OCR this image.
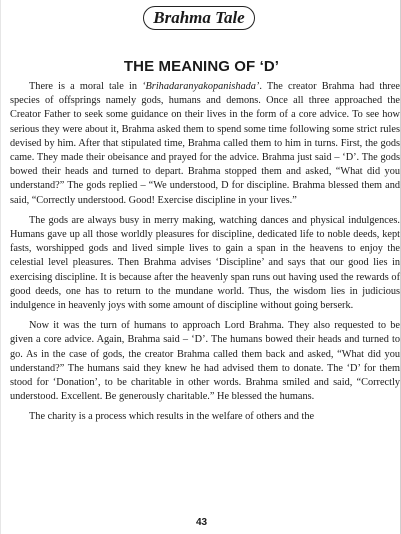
Brahma Tale
THE MEANING OF ‘D’

There is a moral tale in ‘Brihadaranyakopanishada’. The creator Brahma had three species of offsprings namely gods, humans and demons. Once all three approached the Creator Father to seek some guidance on their lives in the form of a core advice. To see how serious they were about it, Brahma asked them to spend some time following some strict rules devised by him. After that stipulated time, Brahma called them to him in turns. First, the gods came. They made their obeisance and prayed for the advice. Brahma just said – ‘D’. The gods bowed their heads and turned to depart. Brahma stopped them and asked, “What did you understand?” The gods replied – “We understood, D for discipline. Brahma blessed them and said, “Correctly understood. Good! Exercise discipline in your lives.”

The gods are always busy in merry making, watching dances and physical indulgences. Humans gave up all those worldly pleasures for discipline, dedicated life to noble deeds, kept fasts, worshipped gods and lived simple lives to gain a span in the heavens to enjoy the celestial level pleasures. Then Brahma advises ‘Discipline’ and says that our good lies in exercising discipline. It is because after the heavenly span runs out having used the rewards of good deeds, one has to return to the mundane world. Thus, the wisdom lies in judicious indulgence in heavenly joys with some amount of discipline without going berserk.

Now it was the turn of humans to approach Lord Brahma. They also requested to be given a core advice. Again, Brahma said – ‘D’. The humans bowed their heads and turned to go. As in the case of gods, the creator Brahma called them back and asked, “What did you understand?” The humans said they knew he had advised them to donate. The ‘D’ for them stood for ‘Donation’, to be charitable in other words. Brahma smiled and said, “Correctly understood. Excellent. Be generously charitable.” He blessed the humans.

The charity is a process which results in the welfare of others and the

43
